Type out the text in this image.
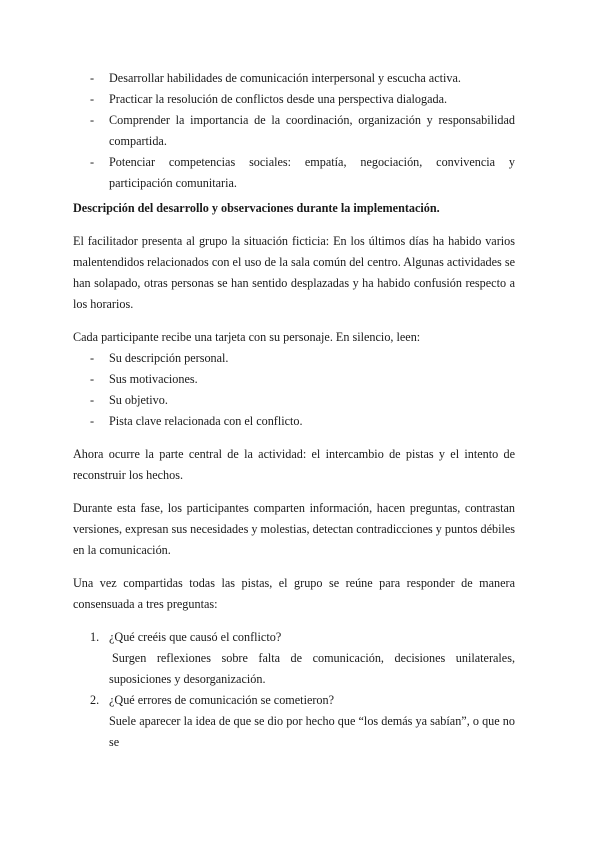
- Desarrollar habilidades de comunicación interpersonal y escucha activa.
- Practicar la resolución de conflictos desde una perspectiva dialogada.
- Comprender la importancia de la coordinación, organización y responsabilidad compartida.
- Potenciar competencias sociales: empatía, negociación, convivencia y participación comunitaria.

Descripción del desarrollo y observaciones durante la implementación.

El facilitador presenta al grupo la situación ficticia: En los últimos días ha habido varios malentendidos relacionados con el uso de la sala común del centro. Algunas actividades se han solapado, otras personas se han sentido desplazadas y ha habido confusión respecto a los horarios.

Cada participante recibe una tarjeta con su personaje. En silencio, leen:

- Su descripción personal.
- Sus motivaciones.
- Su objetivo.
- Pista clave relacionada con el conflicto.

Ahora ocurre la parte central de la actividad: el intercambio de pistas y el intento de reconstruir los hechos.

Durante esta fase, los participantes comparten información, hacen preguntas, contrastan versiones, expresan sus necesidades y molestias, detectan contradicciones y puntos débiles en la comunicación.

Una vez compartidas todas las pistas, el grupo se reúne para responder de manera consensuada a tres preguntas:

1. ¿Qué creéis que causó el conflicto?
Surgen reflexiones sobre falta de comunicación, decisiones unilaterales, suposiciones y desorganización.
2. ¿Qué errores de comunicación se cometieron?
Suele aparecer la idea de que se dio por hecho que “los demás ya sabían”, o que no se
